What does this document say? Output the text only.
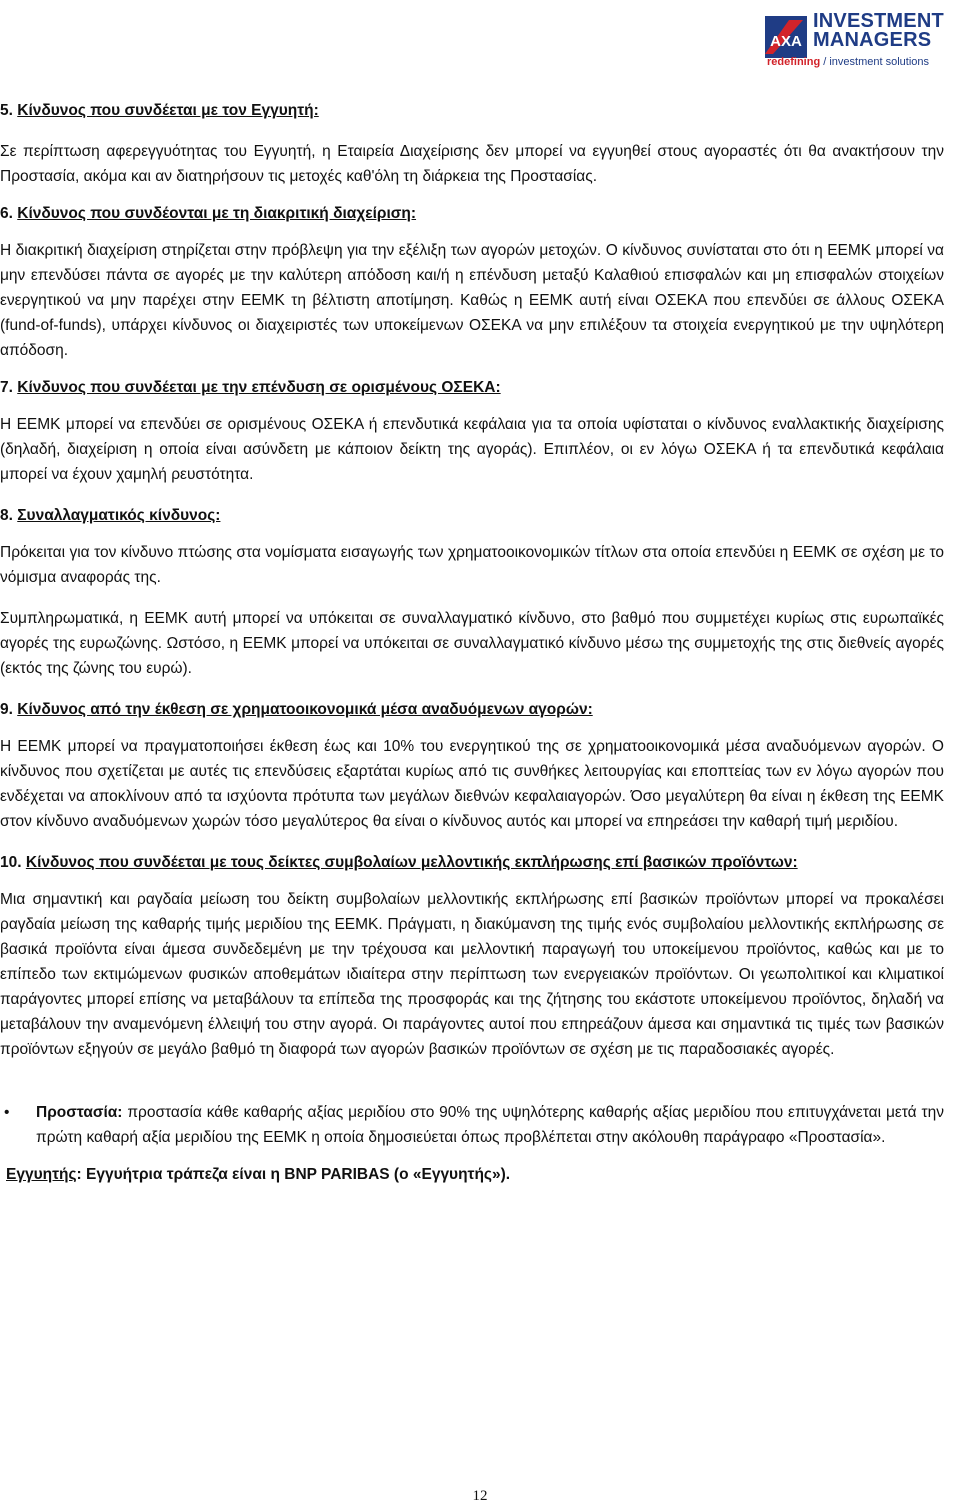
AXA
INVESTMENT
MANAGERS
redefining / investment solutions

5. Κίνδυνος που συνδέεται με τον Εγγυητή:

Σε περίπτωση αφερεγγυότητας του Εγγυητή, η Εταιρεία Διαχείρισης δεν μπορεί να εγγυηθεί στους αγοραστές ότι θα ανακτήσουν την Προστασία, ακόμα και αν διατηρήσουν τις μετοχές καθ'όλη τη διάρκεια της Προστασίας.

6. Κίνδυνος που συνδέονται με τη διακριτική διαχείριση:

Η διακριτική διαχείριση στηρίζεται στην πρόβλεψη για την εξέλιξη των αγορών μετοχών. Ο κίνδυνος συνίσταται στο ότι η ΕΕΜΚ μπορεί να μην επενδύσει πάντα σε αγορές με την καλύτερη απόδοση και/ή η επένδυση μεταξύ Καλαθιού επισφαλών και μη επισφαλών στοιχείων ενεργητικού να μην παρέχει στην ΕΕΜΚ τη βέλτιστη αποτίμηση. Καθώς η ΕΕΜΚ αυτή είναι ΟΣΕΚΑ που επενδύει σε άλλους ΟΣΕΚΑ (fund-of-funds), υπάρχει κίνδυνος οι διαχειριστές των υποκείμενων ΟΣΕΚΑ να μην επιλέξουν τα στοιχεία ενεργητικού με την υψηλότερη απόδοση.

7. Κίνδυνος που συνδέεται με την επένδυση σε ορισμένους ΟΣΕΚΑ:

Η ΕΕΜΚ μπορεί να επενδύει σε ορισμένους ΟΣΕΚΑ ή επενδυτικά κεφάλαια για τα οποία υφίσταται ο κίνδυνος εναλλακτικής διαχείρισης (δηλαδή, διαχείριση η οποία είναι ασύνδετη με κάποιον δείκτη της αγοράς). Επιπλέον, οι εν λόγω ΟΣΕΚΑ ή τα επενδυτικά κεφάλαια μπορεί να έχουν χαμηλή ρευστότητα.

8. Συναλλαγματικός κίνδυνος:

Πρόκειται για τον κίνδυνο πτώσης στα νομίσματα εισαγωγής των χρηματοοικονομικών τίτλων στα οποία επενδύει η ΕΕΜΚ σε σχέση με το νόμισμα αναφοράς της.

Συμπληρωματικά, η ΕΕΜΚ αυτή μπορεί να υπόκειται σε συναλλαγματικό κίνδυνο, στο βαθμό που συμμετέχει κυρίως στις ευρωπαϊκές αγορές της ευρωζώνης. Ωστόσο, η ΕΕΜΚ μπορεί να υπόκειται σε συναλλαγματικό κίνδυνο μέσω της συμμετοχής της στις διεθνείς αγορές (εκτός της ζώνης του ευρώ).

9. Κίνδυνος από την έκθεση σε χρηματοοικονομικά μέσα αναδυόμενων αγορών:

Η ΕΕΜΚ μπορεί να πραγματοποιήσει έκθεση έως και 10% του ενεργητικού της σε χρηματοοικονομικά μέσα αναδυόμενων αγορών. Ο κίνδυνος που σχετίζεται με αυτές τις επενδύσεις εξαρτάται κυρίως από τις συνθήκες λειτουργίας και εποπτείας των εν λόγω αγορών που ενδέχεται να αποκλίνουν από τα ισχύοντα πρότυπα των μεγάλων διεθνών κεφαλαιαγορών. Όσο μεγαλύτερη θα είναι η έκθεση της ΕΕΜΚ στον κίνδυνο αναδυόμενων χωρών τόσο μεγαλύτερος θα είναι ο κίνδυνος αυτός και μπορεί να επηρεάσει την καθαρή τιμή μεριδίου.

10. Κίνδυνος που συνδέεται με τους δείκτες συμβολαίων μελλοντικής εκπλήρωσης επί βασικών προϊόντων:

Μια σημαντική και ραγδαία μείωση του δείκτη συμβολαίων μελλοντικής εκπλήρωσης επί βασικών προϊόντων μπορεί να προκαλέσει ραγδαία μείωση της καθαρής τιμής μεριδίου της ΕΕΜΚ. Πράγματι, η διακύμανση της τιμής ενός συμβολαίου μελλοντικής εκπλήρωσης σε βασικά προϊόντα είναι άμεσα συνδεδεμένη με την τρέχουσα και μελλοντική παραγωγή του υποκείμενου προϊόντος, καθώς και με το επίπεδο των εκτιμώμενων φυσικών αποθεμάτων ιδιαίτερα στην περίπτωση των ενεργειακών προϊόντων. Οι γεωπολιτικοί και κλιματικοί παράγοντες μπορεί επίσης να μεταβάλουν τα επίπεδα της προσφοράς και της ζήτησης του εκάστοτε υποκείμενου προϊόντος, δηλαδή να μεταβάλουν την αναμενόμενη έλλειψή του στην αγορά. Οι παράγοντες αυτοί που επηρεάζουν άμεσα και σημαντικά τις τιμές των βασικών προϊόντων εξηγούν σε μεγάλο βαθμό τη διαφορά των αγορών βασικών προϊόντων σε σχέση με τις παραδοσιακές αγορές.

• Προστασία: προστασία κάθε καθαρής αξίας μεριδίου στο 90% της υψηλότερης καθαρής αξίας μεριδίου που επιτυγχάνεται μετά την πρώτη καθαρή αξία μεριδίου της ΕΕΜΚ η οποία δημοσιεύεται όπως προβλέπεται στην ακόλουθη παράγραφο «Προστασία».

Εγγυητής: Εγγυήτρια τράπεζα είναι η BNP PARIBAS (ο «Εγγυητής»).

12
